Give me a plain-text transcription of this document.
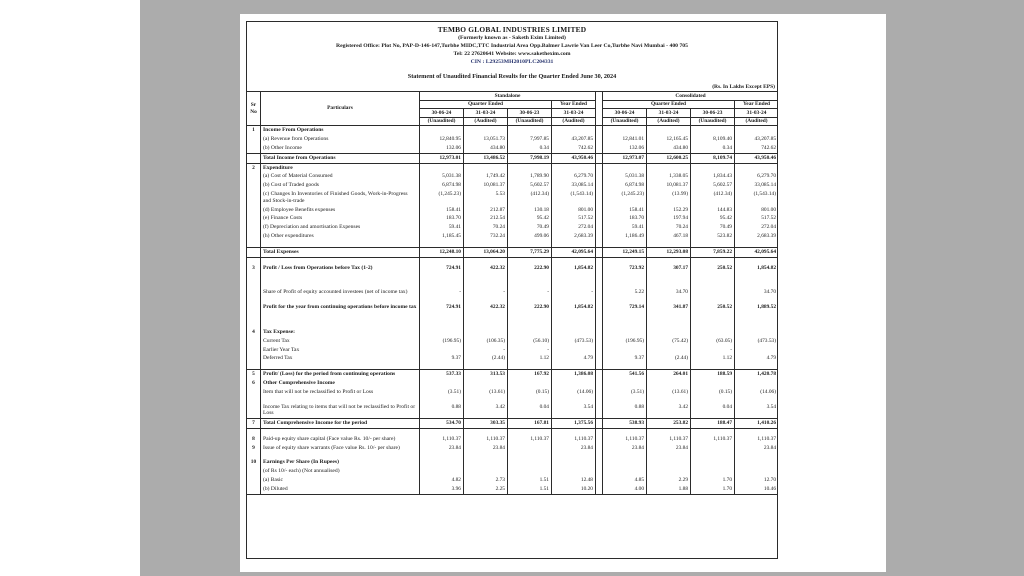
TEMBO GLOBAL INDUSTRIES LIMITED
(Formerly known as - Saketh Exim Limited)
Registered Office: Plot No, PAP-D-146-147,Turbhe MIDC,TTC Industrial Area Opp.Balmer Lawrie Van Leer Co,Turbhe Navi Mumbai - 400 705
Tel: 22 27620641 Website: www.sakethexim.com
CIN : L29253MH2010PLC204331
Statement of Unaudited Financial Results for the Quarter Ended June 30, 2024
(Rs. In Lakhs Except EPS)
Sr No	Particulars	Standalone					Consolidated			
		Quarter Ended			Year Ended		Quarter Ended			Year Ended
		30-06-24	31-03-24	30-06-23	31-03-24		30-06-24	31-03-24	30-06-23	31-03-24
		(Unaudited)	(Audited)	(Unaudited)	(Audited)		(Unaudited)	(Audited)	(Unaudited)	(Audited)
1	Income From Operations									
	(a) Revenue from Operations	12,840.95	13,051.73	7,997.85	43,207.85		12,841.01	12,165.45	8,109.40	43,207.85
	(b) Other Income	132.06	434.80	0.34	742.62		132.06	434.80	0.34	742.62
	Total Income from Operations	12,973.01	13,486.52	7,998.19	43,950.46		12,973.07	12,600.25	8,109.74	43,950.46
2	Expenditure									
	(a) Cost of Material Consumed	5,031.38	1,749.42	1,789.90	6,279.70		5,031.38	1,338.05	1,834.43	6,279.70
	(b) Cost of Traded goods	6,874.98	10,081.37	5,602.57	33,085.14		6,874.98	10,081.37	5,602.57	33,085.14
	(c) Changes In Inventories of Finished Goods, Work-in-Progress and Stock-in-trade	(1,245.23)	5.53	(412.34)	(1,543.14)		(1,245.23)	(13.99)	(412.34)	(1,543.14)
	(d) Employee Benefits expenses	158.41	212.87	130.18	801.00		158.41	152.29	144.83	801.00
	(e) Finance Costs	183.70	212.54	95.42	517.52		183.70	197.94	95.42	517.52
	(f) Depreciation and amortisation Expenses	59.41	70.24	70.49	272.04		59.41	70.24	70.49	272.04
	(h) Other expenditures	1,185.45	732.24	499.06	2,683.39		1,186.49	467.18	523.82	2,683.39

	Total Expenses	12,248.10	13,064.20	7,775.29	42,095.64		12,249.15	12,293.08	7,859.22	42,095.64

3	Profit / Loss from Operations before Tax (1-2)	724.91	422.32	222.90	1,854.82		723.92	307.17	250.52	1,854.82

	Share of Profit of equity accounted investees (net of income tax)	-	-	-	-		5.22	34.70		34.70
	Profit for the year from continuing operations before income tax	724.91	422.32	222.90	1,854.82		729.14	341.87	250.52	1,889.52

4	Tax Expense:									
	Current Tax	(196.95)	(106.35)	(56.10)	(473.53)		(196.95)	(75.42)	(63.05)	(473.53)
	Earlier Year Tax		-	-					-	
	Deferred Tax	9.37	(2.44)	1.12	4.79		9.37	(2.44)	1.12	4.79

5	Profit/ (Loss) for the period from continuing operations	537.33	313.53	167.92	1,386.08		541.56	264.01	188.59	1,420.78
6	Other Comprehensive Income									
	Item that will not be reclassified to Profit or Loss	(3.51)	(13.61)	(0.15)	(14.06)		(3.51)	(13.61)	(0.15)	(14.06)

	Income Tax relating to items that will not be reclassified to Profit or Loss	0.88	3.42	0.04	3.54		0.88	3.42	0.04	3.54
7	Total Comprehensive Income for the period	534.70	303.35	167.81	1,375.56		538.93	253.82	188.47	1,410.26

8	Paid-up equity share capital (Face value Rs. 10/- per share)	1,110.37	1,110.37	1,110.37	1,110.37		1,110.37	1,110.37	1,110.37	1,110.37
9	Issue of equity share warrants (Face value Rs. 10/- per share)	23.84	23.84		23.84		23.84	23.84		23.84

10	Earnings Per Share (In Rupees)									
	(of Rs 10/- each) (Not annualised)									
	(a) Basic	4.82	2.73	1.51	12.48		4.85	2.29	1.70	12.70
	(b) Diluted	3.96	2.25	1.51	10.20		4.00	1.88	1.70	10.46
